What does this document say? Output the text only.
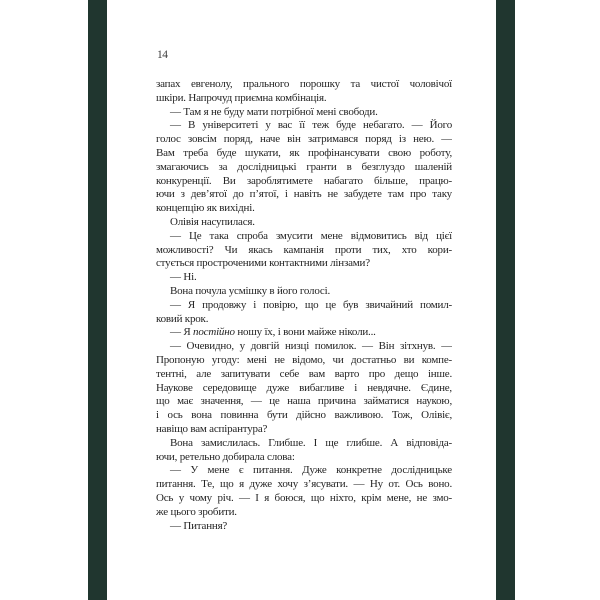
14
запах евгенолу, прального порошку та чистої чоловічої
шкіри. Напрочуд приємна комбінація.
— Там я не буду мати потрібної мені свободи.
— В університеті у вас її теж буде небагато. — Його
голос зовсім поряд, наче він затримався поряд із нею. —
Вам треба буде шукати, як профінансувати свою роботу,
змагаючись за дослідницькі гранти в безглуздо шаленій
конкуренції. Ви зароблятимете набагато більше, працю-
ючи з дев’ятої до п’ятої, і навіть не забудете там про таку
концепцію як вихідні.
Олівія насупилася.
— Це така спроба змусити мене відмовитись від цієї
можливості? Чи якась кампанія проти тих, хто кори-
стується простроченими контактними лінзами?
— Ні.
Вона почула усмішку в його голосі.
— Я продовжу і повірю, що це був звичайний помил-
ковий крок.
— Я постійно ношу їх, і вони майже ніколи...
— Очевидно, у довгій низці помилок. — Він зітхнув. —
Пропоную угоду: мені не відомо, чи достатньо ви компе-
тентні, але запитувати себе вам варто про дещо інше.
Наукове середовище дуже вибагливе і невдячне. Єдине,
що має значення, — це наша причина займатися наукою,
і ось вона повинна бути дійсно важливою. Тож, Олівіє,
навіщо вам аспірантура?
Вона замислилась. Глибше. І ще глибше. А відповіда-
ючи, ретельно добирала слова:
— У мене є питання. Дуже конкретне дослідницьке
питання. Те, що я дуже хочу з’ясувати. — Ну от. Ось воно.
Ось у чому річ. — І я боюся, що ніхто, крім мене, не змо-
же цього зробити.
— Питання?
